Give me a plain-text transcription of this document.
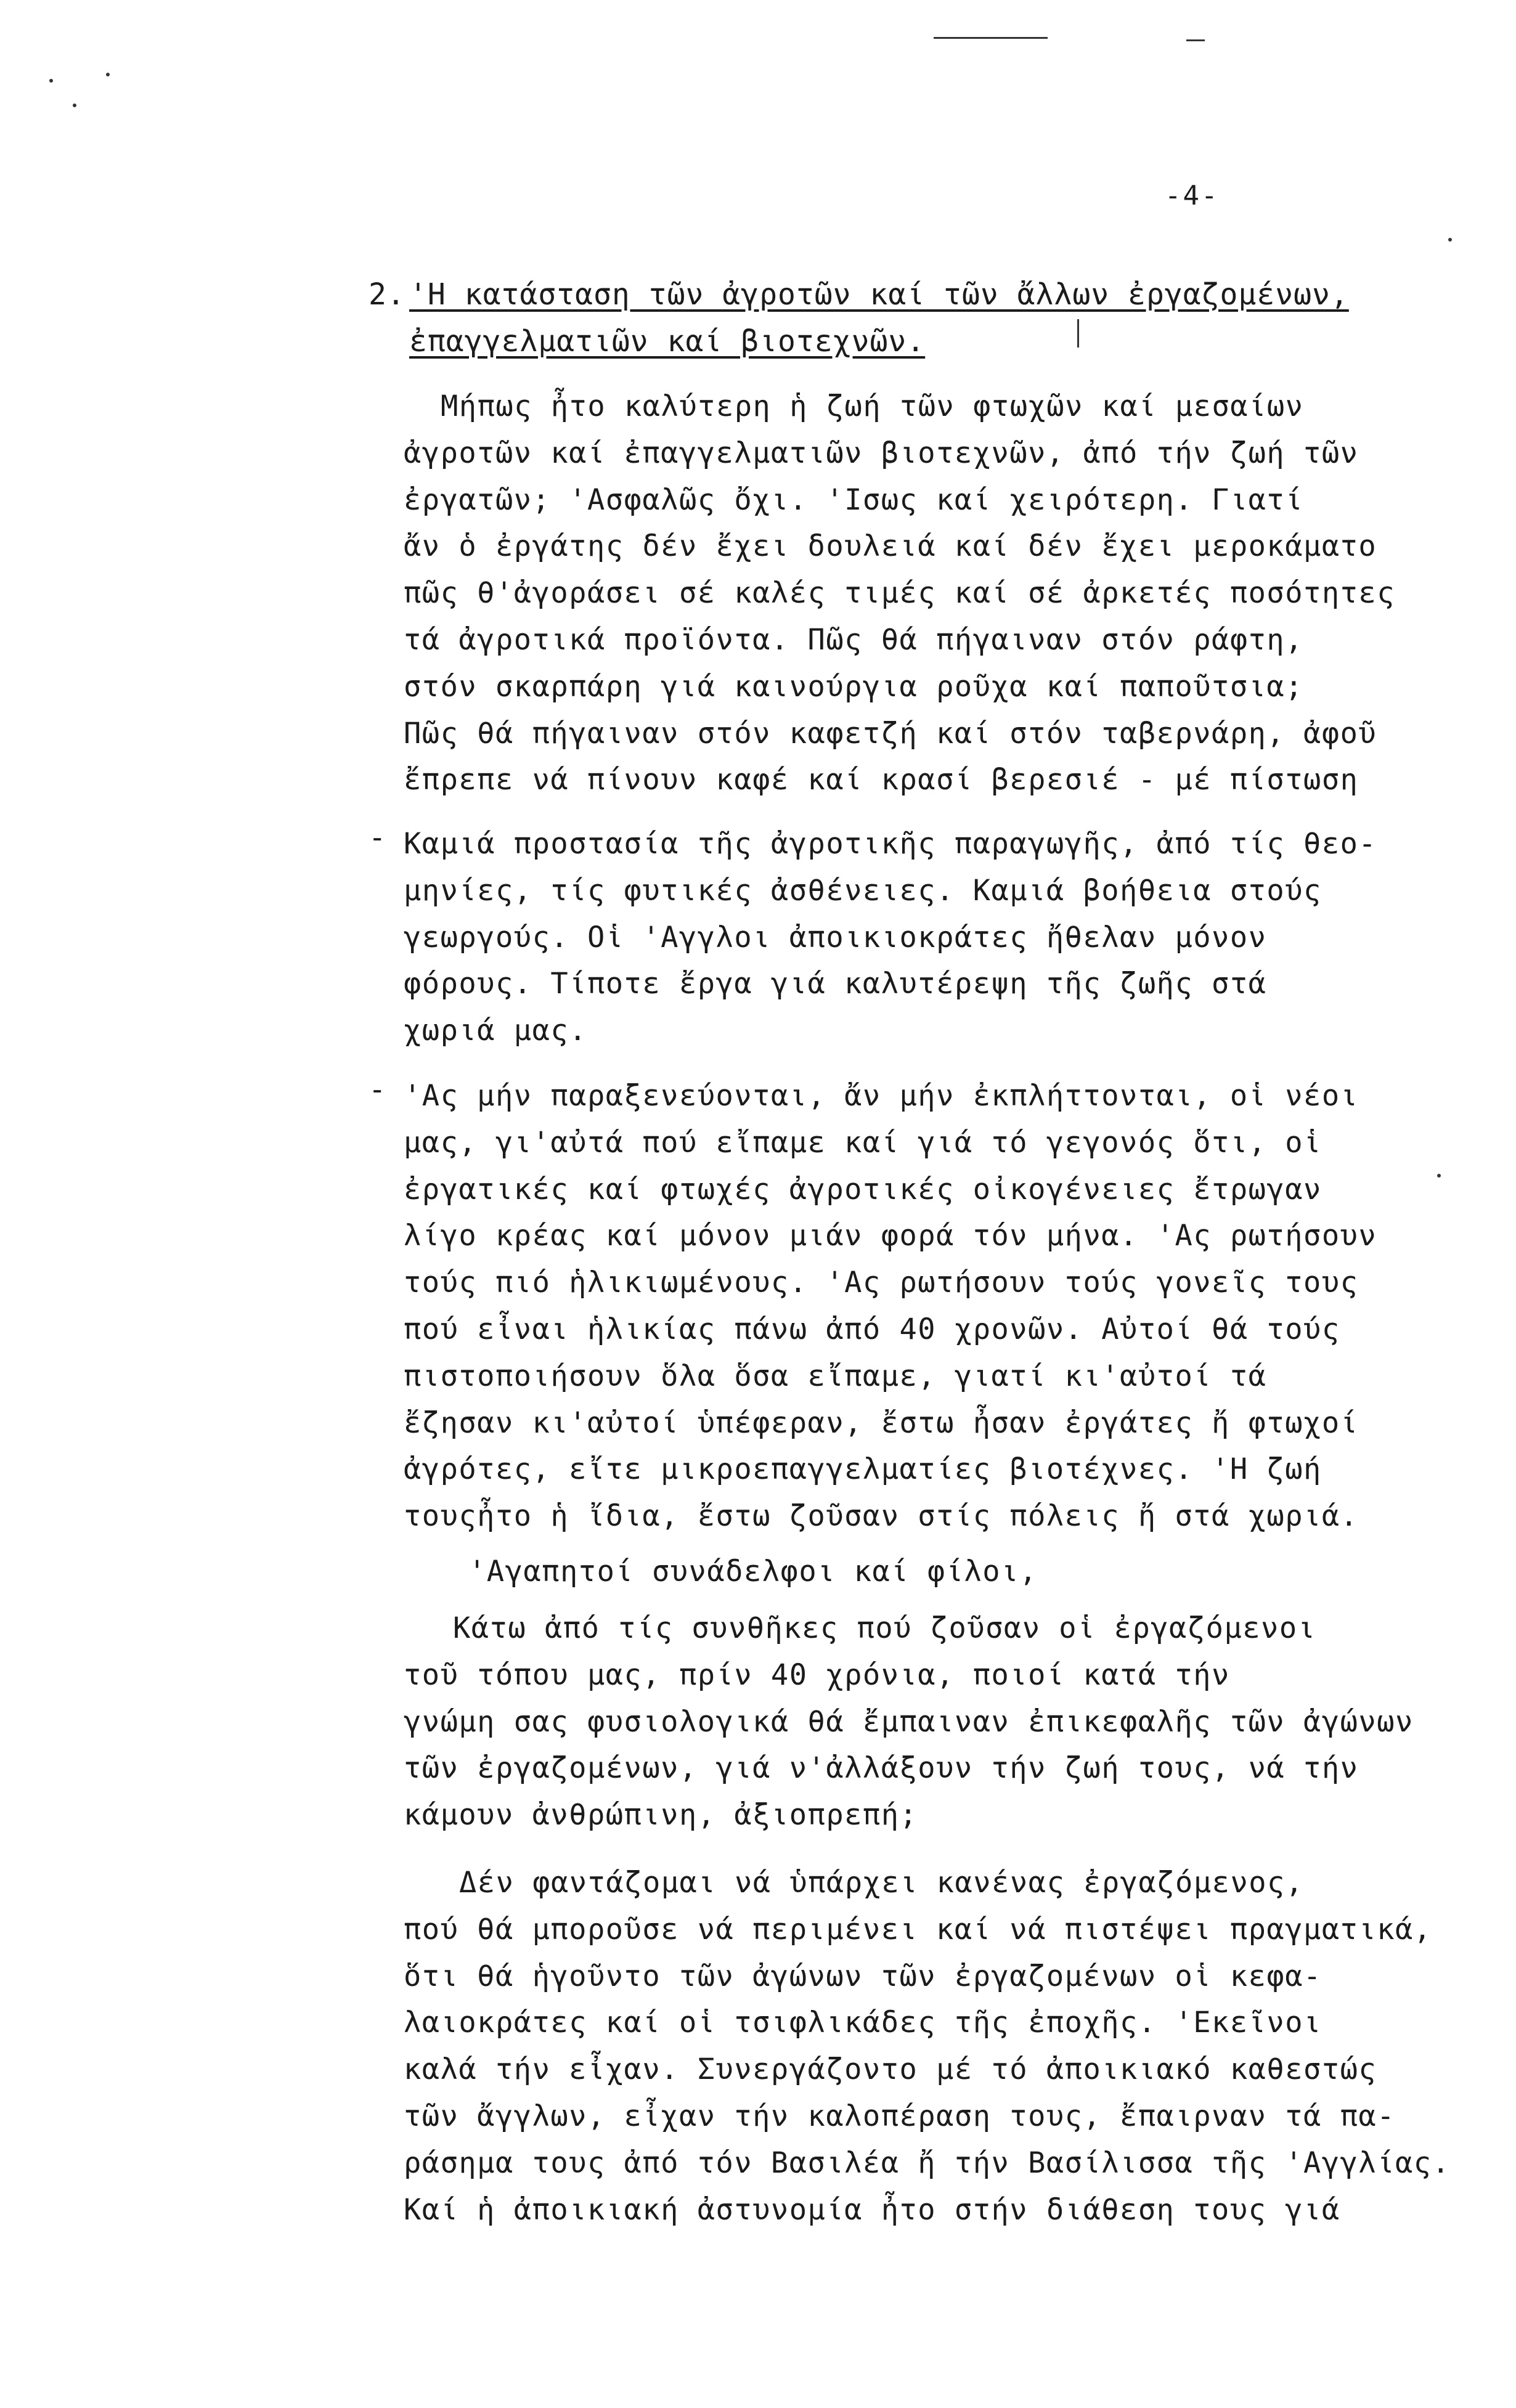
-4-
2. 'Η κατάσταση τῶν ἀγροτῶν καί τῶν ἄλλων ἐργαζομένων,
ἐπαγγελματιῶν καί βιοτεχνῶν.
Μήπως ἦτο καλύτερη ἡ ζωή τῶν φτωχῶν καί μεσαίων
ἀγροτῶν καί ἐπαγγελματιῶν βιοτεχνῶν, ἀπό τήν ζωή τῶν
ἐργατῶν; 'Ασφαλῶς ὄχι. 'Ισως καί χειρότερη. Γιατί
ἄν ὁ ἐργάτης δέν ἔχει δουλειά καί δέν ἔχει μεροκάματο
πῶς θ'ἀγοράσει σέ καλές τιμές καί σέ ἀρκετές ποσότητες
τά ἀγροτικά προϊόντα. Πῶς θά πήγαιναν στόν ράφτη,
στόν σκαρπάρη γιά καινούργια ροῦχα καί παποῦτσια;
Πῶς θά πήγαιναν στόν καφετζή καί στόν ταβερνάρη, ἀφοῦ
ἔπρεπε νά πίνουν καφέ καί κρασί βερεσιέ - μέ πίστωση
- Καμιά προστασία τῆς ἀγροτικῆς παραγωγῆς, ἀπό τίς θεο-
μηνίες, τίς φυτικές ἀσθένειες. Καμιά βοήθεια στούς
γεωργούς. Οἱ 'Αγγλοι ἀποικιοκράτες ἤθελαν μόνον
φόρους. Τίποτε ἔργα γιά καλυτέρεψη τῆς ζωῆς στά
χωριά μας.
- 'Ας μήν παραξενεύονται, ἄν μήν ἐκπλήττονται, οἱ νέοι
μας, γι'αὐτά πού εἴπαμε καί γιά τό γεγονός ὅτι, οἱ
ἐργατικές καί φτωχές ἀγροτικές οἰκογένειες ἔτρωγαν
λίγο κρέας καί μόνον μιάν φορά τόν μήνα. 'Ας ρωτήσουν
τούς πιό ἡλικιωμένους. 'Ας ρωτήσουν τούς γονεῖς τους
πού εἶναι ἡλικίας πάνω ἀπό 40 χρονῶν. Αὐτοί θά τούς
πιστοποιήσουν ὅλα ὅσα εἴπαμε, γιατί κι'αὐτοί τά
ἔζησαν κι'αὐτοί ὑπέφεραν, ἔστω ἦσαν ἐργάτες ἤ φτωχοί
ἀγρότες, εἴτε μικροεπαγγελματίες βιοτέχνες. 'Η ζωή
τουςἦτο ἡ ἴδια, ἔστω ζοῦσαν στίς πόλεις ἤ στά χωριά.
'Αγαπητοί συνάδελφοι καί φίλοι,
Κάτω ἀπό τίς συνθῆκες πού ζοῦσαν οἱ ἐργαζόμενοι
τοῦ τόπου μας, πρίν 40 χρόνια, ποιοί κατά τήν
γνώμη σας φυσιολογικά θά ἔμπαιναν ἐπικεφαλῆς τῶν ἀγώνων
τῶν ἐργαζομένων, γιά ν'ἀλλάξουν τήν ζωή τους, νά τήν
κάμουν ἀνθρώπινη, ἀξιοπρεπή;
Δέν φαντάζομαι νά ὑπάρχει κανένας ἐργαζόμενος,
πού θά μποροῦσε νά περιμένει καί νά πιστέψει πραγματικά,
ὅτι θά ἡγοῦντο τῶν ἀγώνων τῶν ἐργαζομένων οἱ κεφα-
λαιοκράτες καί οἱ τσιφλικάδες τῆς ἐποχῆς. 'Εκεῖνοι
καλά τήν εἶχαν. Συνεργάζοντο μέ τό ἀποικιακό καθεστώς
τῶν ἄγγλων, εἶχαν τήν καλοπέραση τους, ἔπαιρναν τά πα-
ράσημα τους ἀπό τόν Βασιλέα ἤ τήν Βασίλισσα τῆς 'Αγγλίας.
Καί ἡ ἀποικιακή ἀστυνομία ἦτο στήν διάθεση τους γιά
